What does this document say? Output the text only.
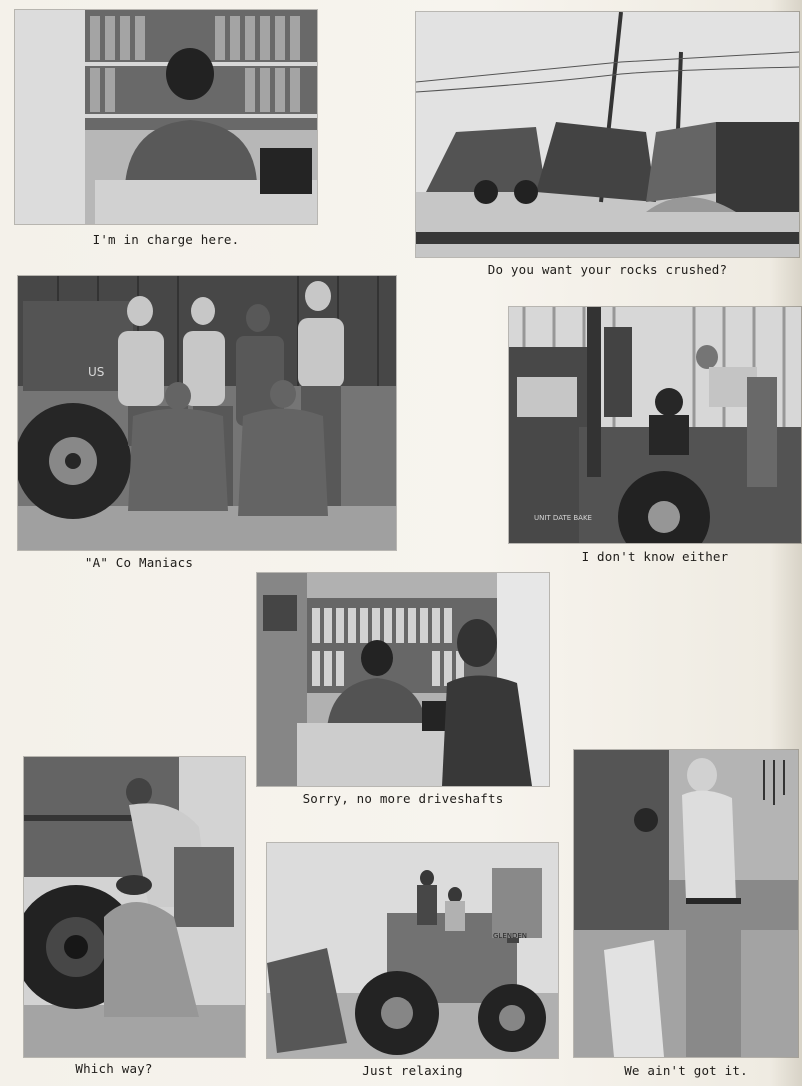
I'm in charge here.
Do you want your rocks crushed?
US
"A" Co Maniacs
UNIT DATE BAKE
I don't know either
Sorry, no more driveshafts
Which way?
GLENDEN
Just relaxing	We ain't got it.
